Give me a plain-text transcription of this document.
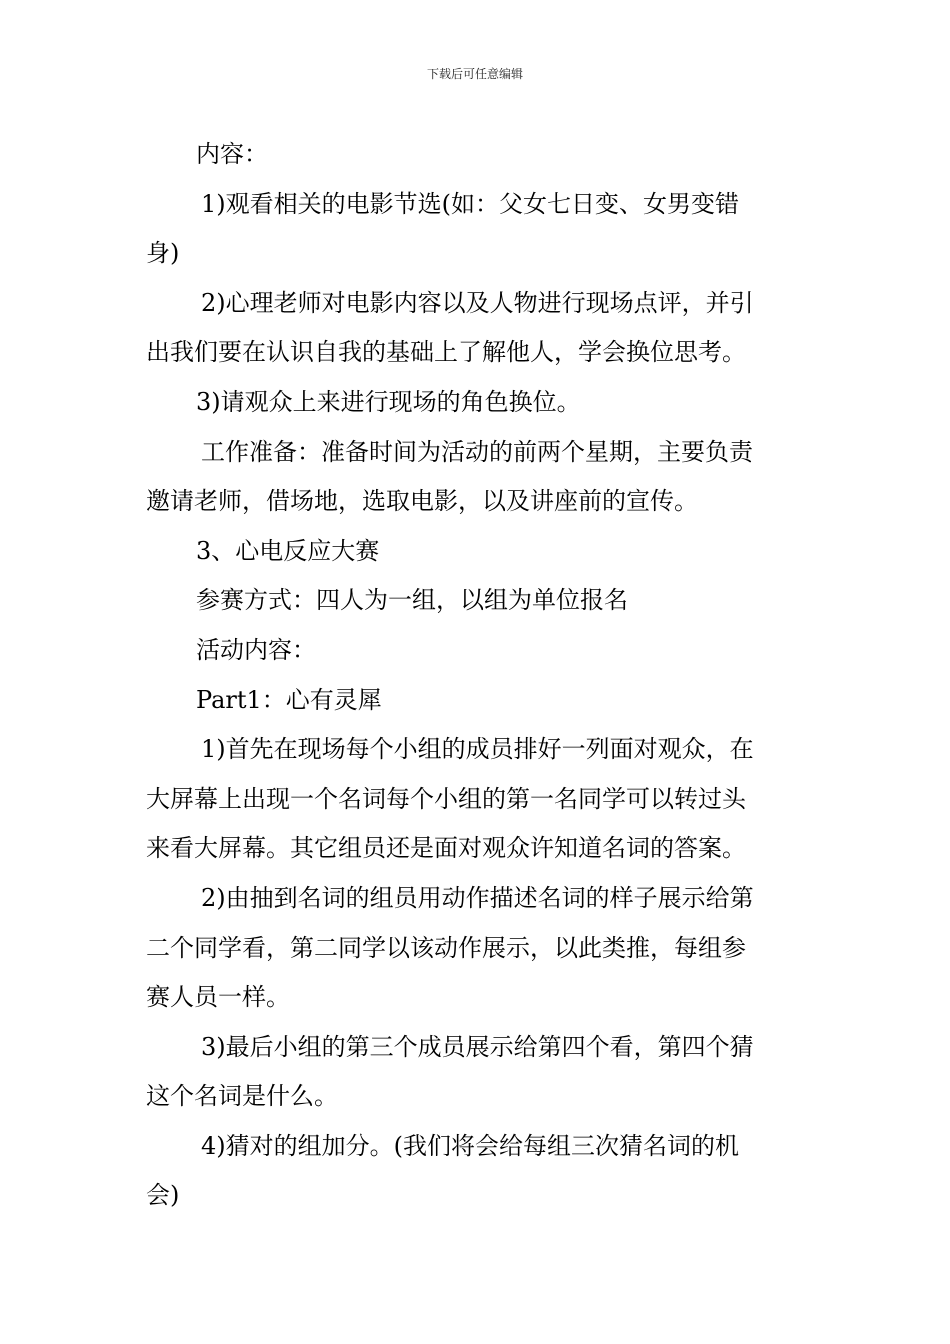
下载后可任意编辑
内容：
1)观看相关的电影节选(如：父女七日变、女男变错
身)
2)心理老师对电影内容以及人物进行现场点评，并引
出我们要在认识自我的基础上了解他人，学会换位思考。
3)请观众上来进行现场的角色换位。
工作准备：准备时间为活动的前两个星期，主要负责
邀请老师，借场地，选取电影，以及讲座前的宣传。
3、心电反应大赛
参赛方式：四人为一组，以组为单位报名
活动内容：
Part1：心有灵犀
1)首先在现场每个小组的成员排好一列面对观众，在
大屏幕上出现一个名词每个小组的第一名同学可以转过头
来看大屏幕。其它组员还是面对观众许知道名词的答案。
2)由抽到名词的组员用动作描述名词的样子展示给第
二个同学看，第二同学以该动作展示，以此类推，每组参
赛人员一样。
3)最后小组的第三个成员展示给第四个看，第四个猜
这个名词是什么。
4)猜对的组加分。(我们将会给每组三次猜名词的机
会)
